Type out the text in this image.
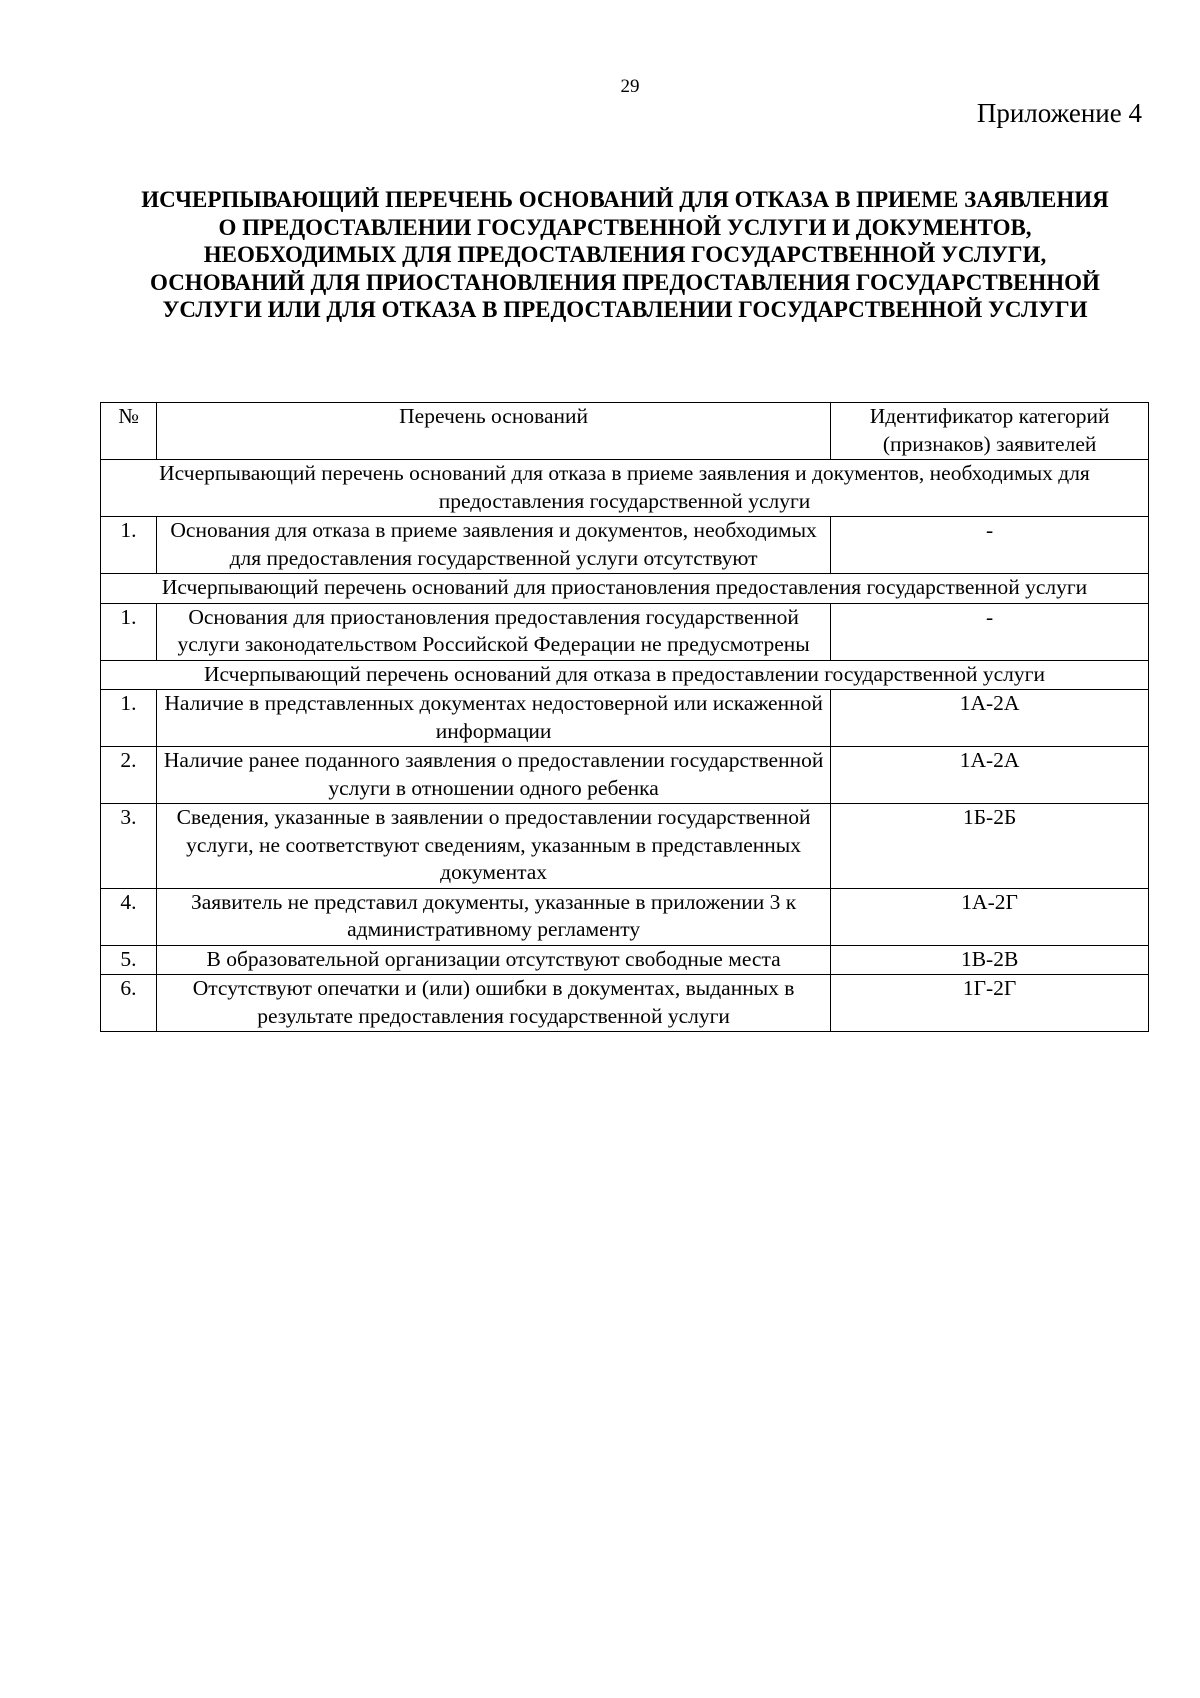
29
Приложение 4
ИСЧЕРПЫВАЮЩИЙ ПЕРЕЧЕНЬ ОСНОВАНИЙ ДЛЯ ОТКАЗА В ПРИЕМЕ ЗАЯВЛЕНИЯ
О ПРЕДОСТАВЛЕНИИ ГОСУДАРСТВЕННОЙ УСЛУГИ И ДОКУМЕНТОВ,
НЕОБХОДИМЫХ ДЛЯ ПРЕДОСТАВЛЕНИЯ ГОСУДАРСТВЕННОЙ УСЛУГИ,
ОСНОВАНИЙ ДЛЯ ПРИОСТАНОВЛЕНИЯ ПРЕДОСТАВЛЕНИЯ ГОСУДАРСТВЕННОЙ
УСЛУГИ ИЛИ ДЛЯ ОТКАЗА В ПРЕДОСТАВЛЕНИИ ГОСУДАРСТВЕННОЙ УСЛУГИ
№	Перечень оснований	Идентификатор категорий (признаков) заявителей
Исчерпывающий перечень оснований для отказа в приеме заявления и документов, необходимых для предоставления государственной услуги		
1.	Основания для отказа в приеме заявления и документов, необходимых для предоставления государственной услуги отсутствуют	-
Исчерпывающий перечень оснований для приостановления предоставления государственной услуги		
1.	Основания для приостановления предоставления государственной услуги законодательством Российской Федерации не предусмотрены	-
Исчерпывающий перечень оснований для отказа в предоставлении государственной услуги		
1.	Наличие в представленных документах недостоверной или искаженной информации	1А-2А
2.	Наличие ранее поданного заявления о предоставлении государственной услуги в отношении одного ребенка	1А-2А
3.	Сведения, указанные в заявлении о предоставлении государственной услуги, не соответствуют сведениям, указанным в представленных документах	1Б-2Б
4.	Заявитель не представил документы, указанные в приложении 3 к административному регламенту	1А-2Г
5.	В образовательной организации отсутствуют свободные места	1В-2В
6.	Отсутствуют опечатки и (или) ошибки в документах, выданных в результате предоставления государственной услуги	1Г-2Г
